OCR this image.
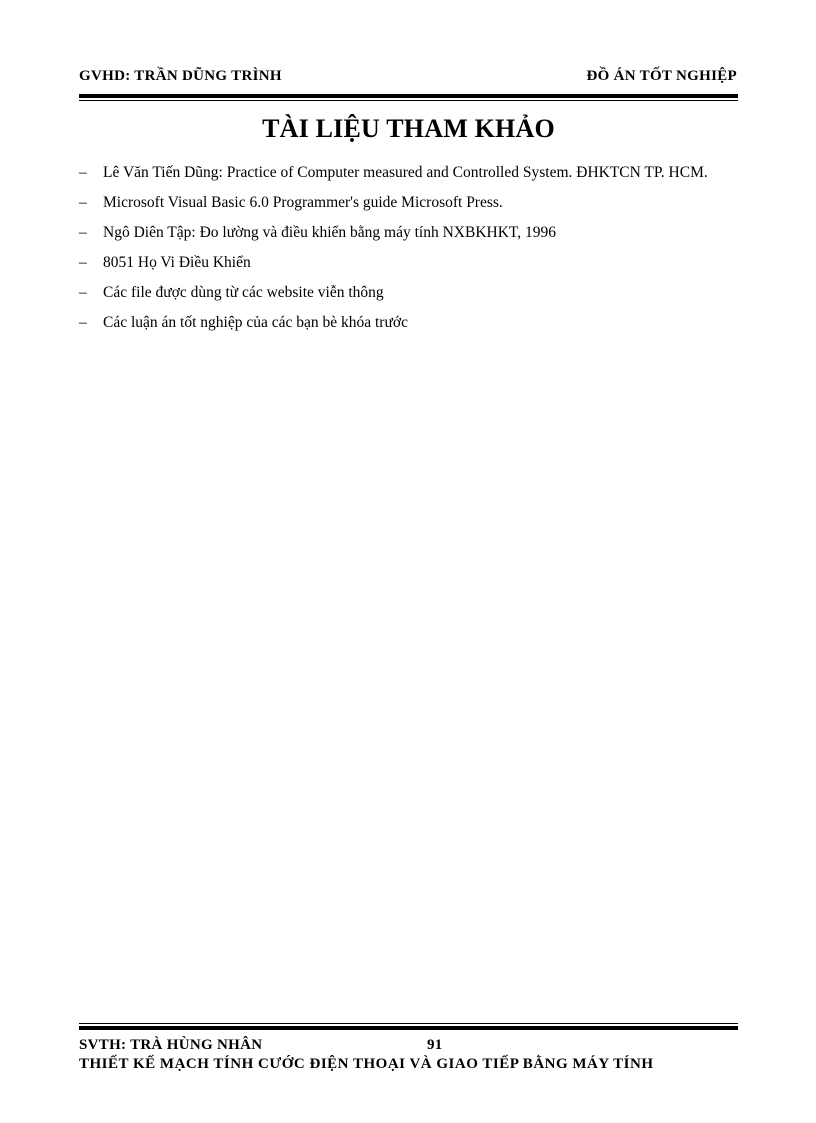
GVHD: TRẦN DŨNG TRÌNH	ĐỒ ÁN TỐT NGHIỆP
TÀI LIỆU THAM KHẢO
–	Lê Văn Tiến Dũng: Practice of Computer measured and Controlled System. ĐHKTCN TP. HCM.
–	Microsoft Visual Basic 6.0 Programmer's guide Microsoft Press.
–	Ngô Diên Tập: Đo lường và điều khiển bằng máy tính NXBKHKT, 1996
–	8051 Họ Vi Điều Khiển
–	Các file được dùng từ các website viễn thông
–	Các luận án tốt nghiệp của các bạn bè khóa trước
SVTH: TRÀ HÙNG NHÂN	91
THIẾT KẾ MẠCH TÍNH CƯỚC ĐIỆN THOẠI VÀ GIAO TIẾP BẰNG MÁY TÍNH
